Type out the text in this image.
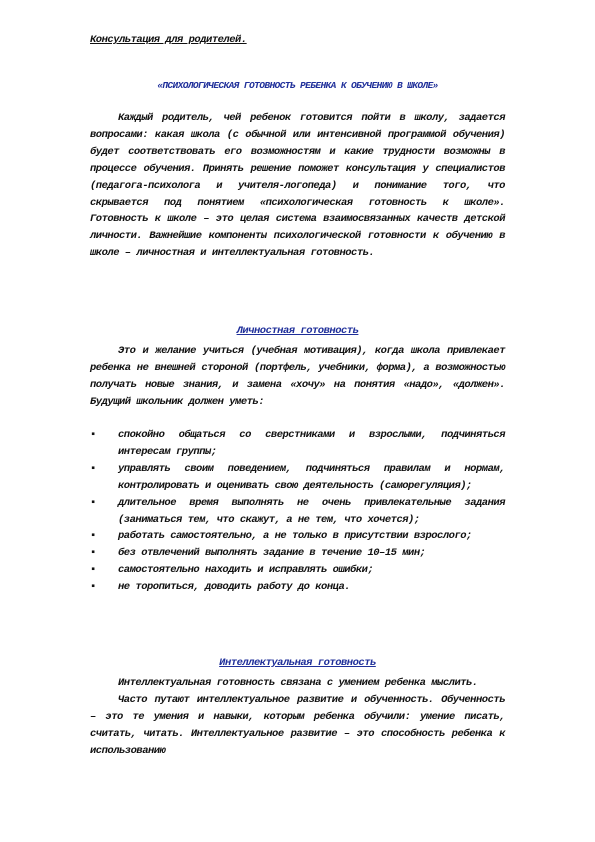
Консультация для родителей.
«ПСИХОЛОГИЧЕСКАЯ ГОТОВНОСТЬ РЕБЕНКА К ОБУЧЕНИЮ В ШКОЛЕ»

Каждый родитель, чей ребенок готовится пойти в школу, задается вопросами: какая школа (с обычной или интенсивной программой обучения) будет соответствовать его возможностям и какие трудности возможны в процессе обучения. Принять решение поможет консультация у специалистов (педагога-психолога и учителя-логопеда) и понимание того, что скрывается под понятием «психологическая готовность к школе». Готовность к школе – это целая система взаимосвязанных качеств детской личности. Важнейшие компоненты психологической готовности к обучению в школе – личностная и интеллектуальная готовность.

Личностная готовность

Это и желание учиться (учебная мотивация), когда школа привлекает ребенка не внешней стороной (портфель, учебники, форма), а возможностью получать новые знания, и замена «хочу» на понятия «надо», «должен». Будущий школьник должен уметь:

▪	спокойно общаться со сверстниками и взрослыми, подчиняться интересам группы;
▪	управлять своим поведением, подчиняться правилам и нормам, контролировать и оценивать свою деятельность (саморегуляция);
▪	длительное время выполнять не очень привлекательные задания (заниматься тем, что скажут, а не тем, что хочется);
▪	работать самостоятельно, а не только в присутствии взрослого;
▪	без отвлечений выполнять задание в течение 10–15 мин;
▪	самостоятельно находить и исправлять ошибки;
▪	не торопиться, доводить работу до конца.
Интеллектуальная готовность

Интеллектуальная готовность связана с умением ребенка мыслить.

Часто путают интеллектуальное развитие и обученность. Обученность – это те умения и навыки, которым ребенка обучили: умение писать, считать, читать. Интеллектуальное развитие – это способность ребенка к использованию
